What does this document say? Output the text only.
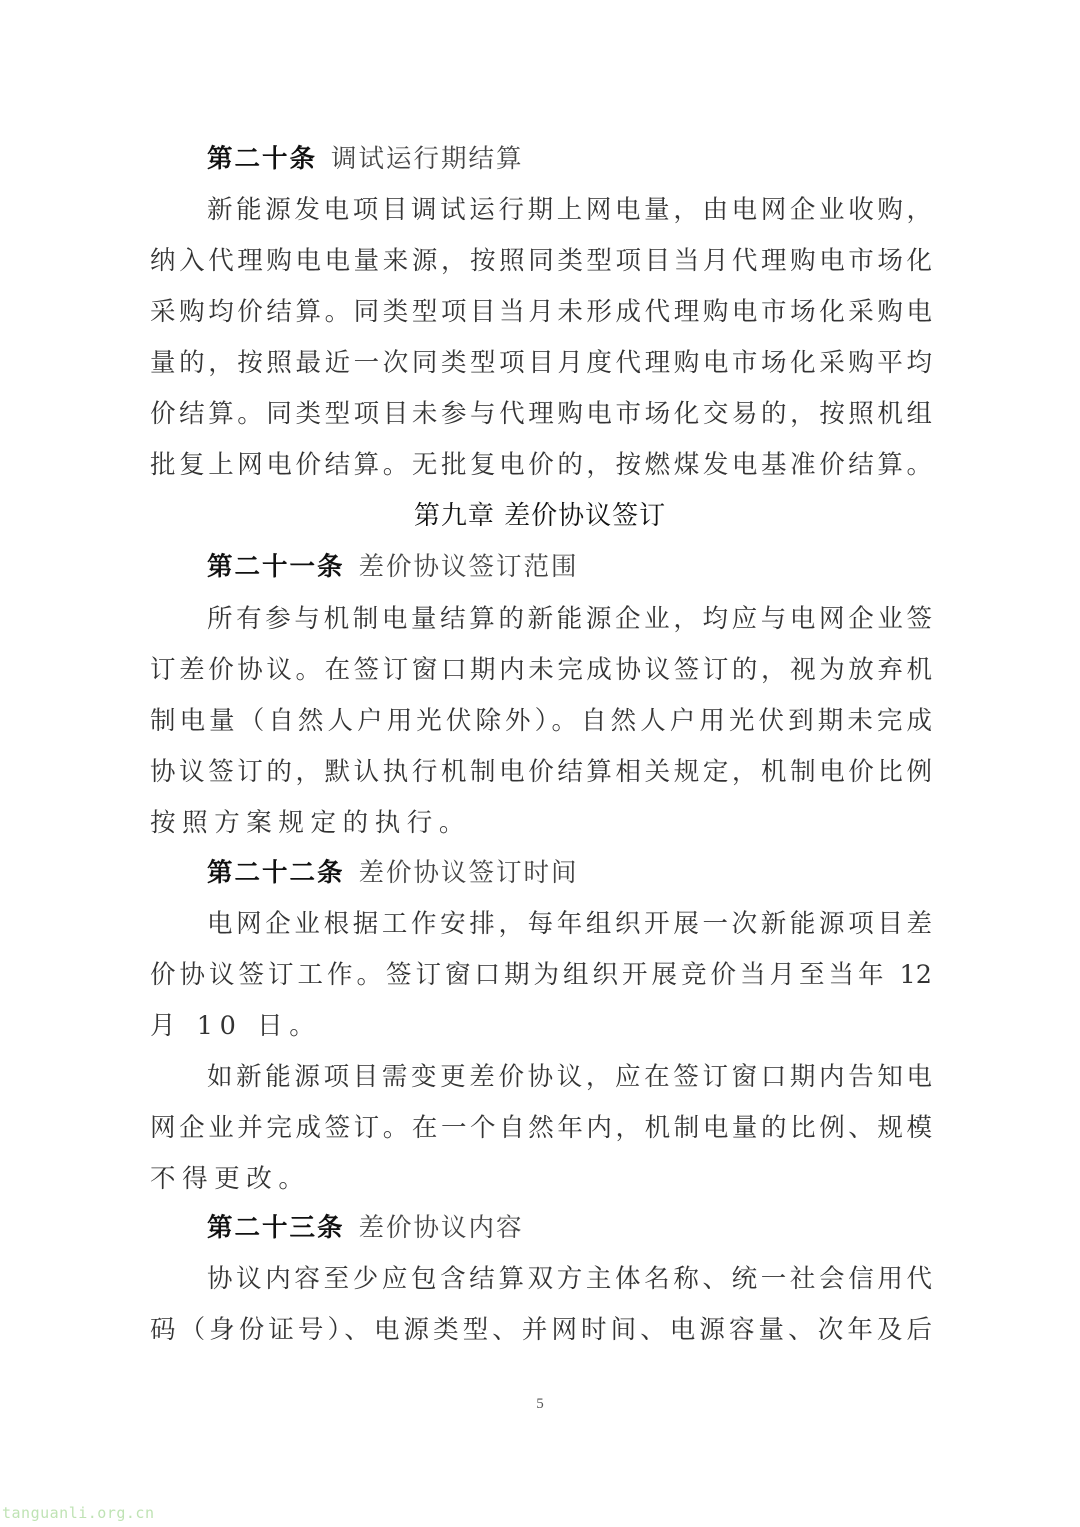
第二十条 调试运行期结算
新能源发电项目调试运行期上网电量，由电网企业收购，
纳入代理购电电量来源，按照同类型项目当月代理购电市场化
采购均价结算。同类型项目当月未形成代理购电市场化采购电
量的，按照最近一次同类型项目月度代理购电市场化采购平均
价结算。同类型项目未参与代理购电市场化交易的，按照机组
批复上网电价结算。无批复电价的，按燃煤发电基准价结算。
第九章 差价协议签订
第二十一条 差价协议签订范围
所有参与机制电量结算的新能源企业，均应与电网企业签
订差价协议。在签订窗口期内未完成协议签订的，视为放弃机
制电量（自然人户用光伏除外）。自然人户用光伏到期未完成
协议签订的，默认执行机制电价结算相关规定，机制电价比例
按照方案规定的执行。
第二十二条 差价协议签订时间
电网企业根据工作安排，每年组织开展一次新能源项目差
价协议签订工作。签订窗口期为组织开展竞价当月至当年 12
月 10 日。
如新能源项目需变更差价协议，应在签订窗口期内告知电
网企业并完成签订。在一个自然年内，机制电量的比例、规模
不得更改。
第二十三条 差价协议内容
协议内容至少应包含结算双方主体名称、统一社会信用代
码（身份证号）、电源类型、并网时间、电源容量、次年及后
5
tanguanli.org.cn
